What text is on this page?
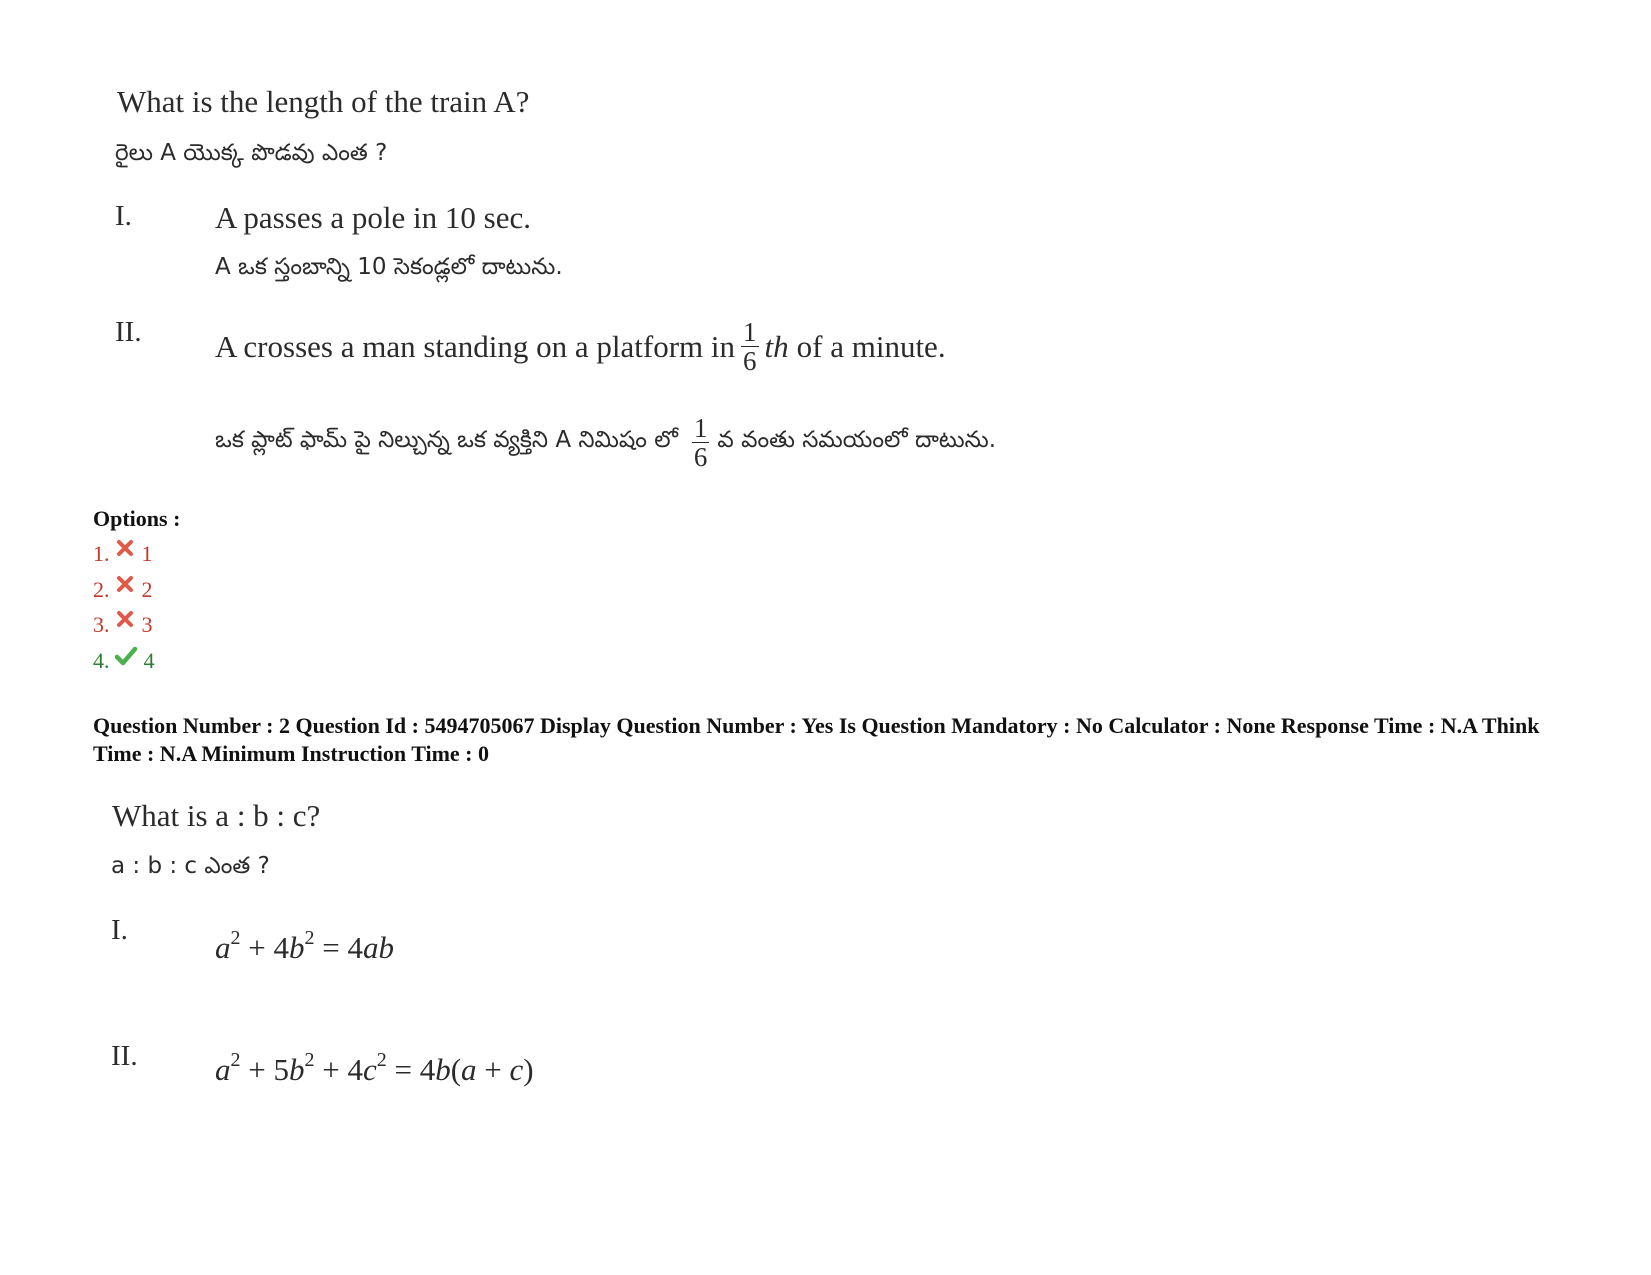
What is the length of the train A?
రైలు A యొక్క పొడవు ఎంత ?
I.	A passes a pole in 10 sec.
A ఒక స్తంబాన్ని 10 సెకండ్లలో దాటును.
II. A crosses a man standing on a platform in $\frac{1}{6}$ th of a minute.
ఒక ప్లాట్ ఫామ్ పై నిల్చున్న ఒక వ్యక్తిని A నిమిషం లో $\frac{1}{6}$ వ వంతు సమయంలో దాటును.
Options :
1. 1
2. 2
3. 3
4. 4
Question Number : 2 Question Id : 5494705067 Display Question Number : Yes Is Question Mandatory : No Calculator : None Response Time : N.A Think Time : N.A Minimum Instruction Time : 0
What is a : b : c?
a : b : c ఎంత ?
I.	$a^2 + 4b^2 = 4ab$
II. $a^2 + 5b^2 + 4c^2 = 4b(a + c)$
